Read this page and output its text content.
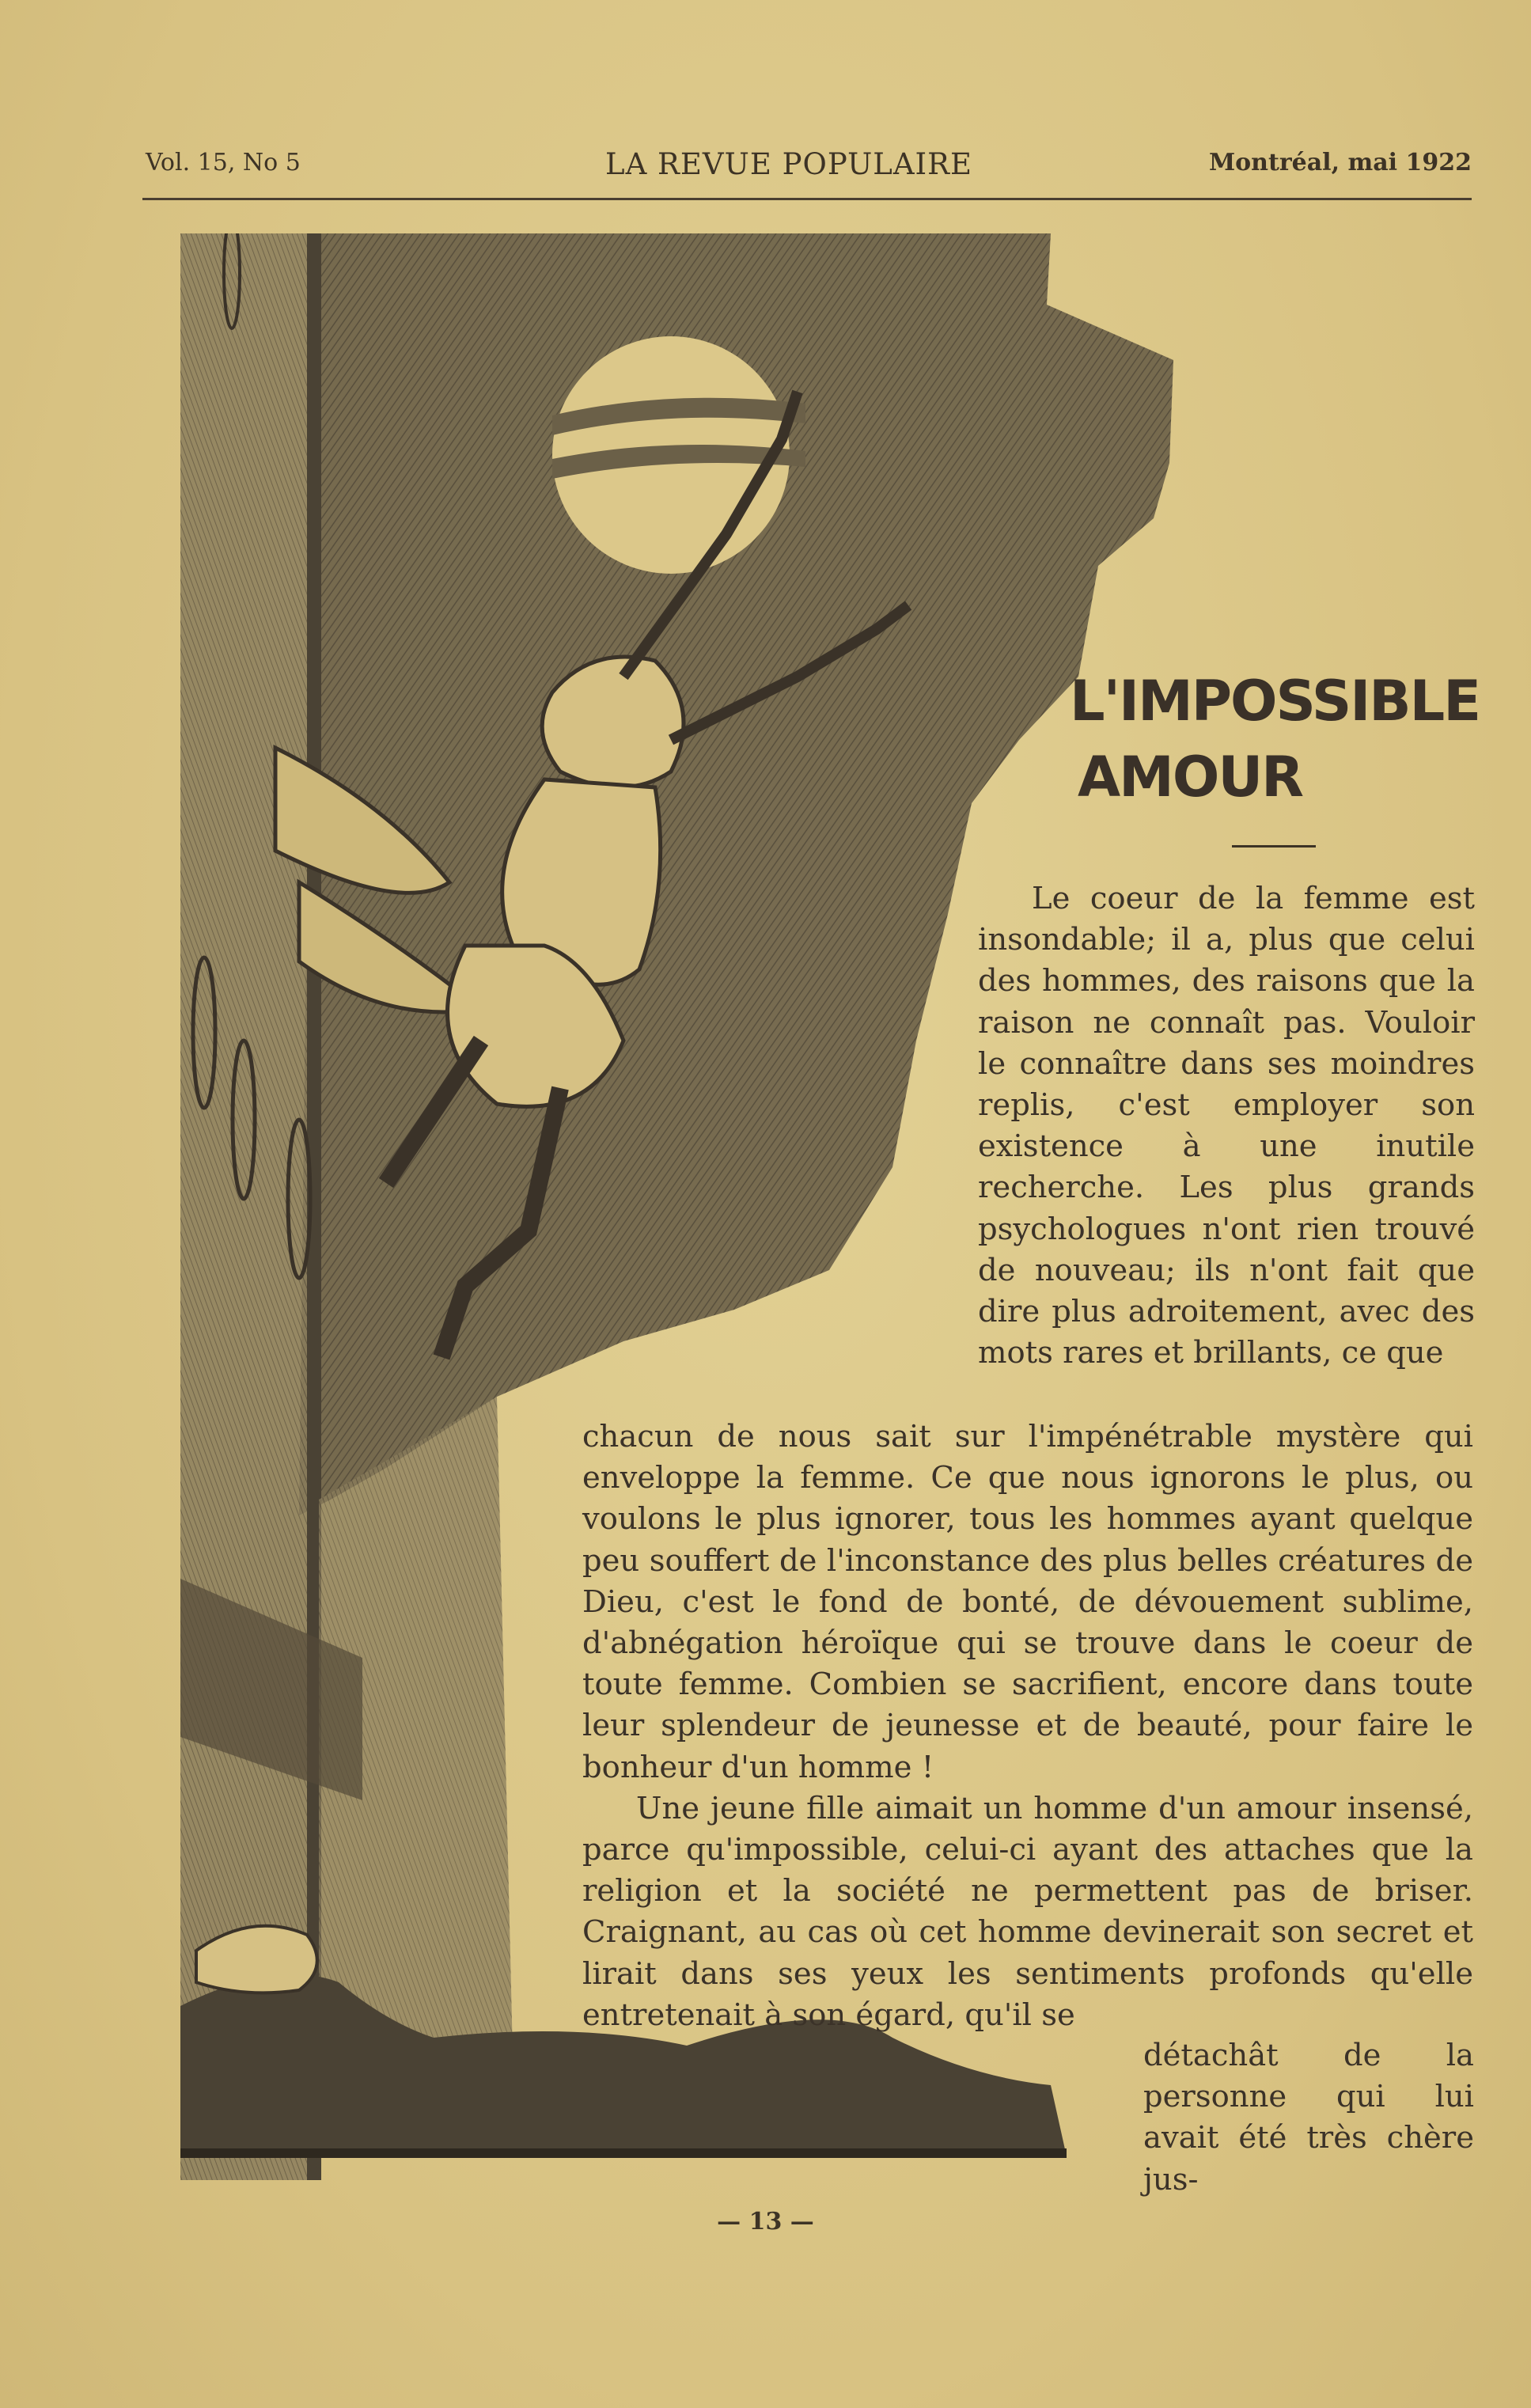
Vol. 15, No 5	LA REVUE POPULAIRE	Montréal, mai 1922
L'IMPOSSIBLE
AMOUR

Le coeur de la femme est insondable; il a, plus que celui des hommes, des raisons que la raison ne connaît pas. Vouloir le connaître dans ses moindres replis, c'est employer son existence à une inutile recherche. Les plus grands psychologues n'ont rien trouvé de nouveau; ils n'ont fait que dire plus adroitement, avec des mots rares et brillants, ce que

chacun de nous sait sur l'impénétrable mystère qui enveloppe la femme. Ce que nous ignorons le plus, ou voulons le plus ignorer, tous les hommes ayant quelque peu souffert de l'inconstance des plus belles créatures de Dieu, c'est le fond de bonté, de dévouement sublime, d'abnégation héroïque qui se trouve dans le coeur de toute femme. Combien se sacrifient, encore dans toute leur splendeur de jeunesse et de beauté, pour faire le bonheur d'un homme !

Une jeune fille aimait un homme d'un amour insensé, parce qu'impossible, celui-ci ayant des attaches que la religion et la société ne permettent pas de briser. Craignant, au cas où cet homme devinerait son secret et lirait dans ses yeux les sentiments profonds qu'elle entretenait à son égard, qu'il se

détachât de la personne qui lui avait été très chère jus-

— 13 —
